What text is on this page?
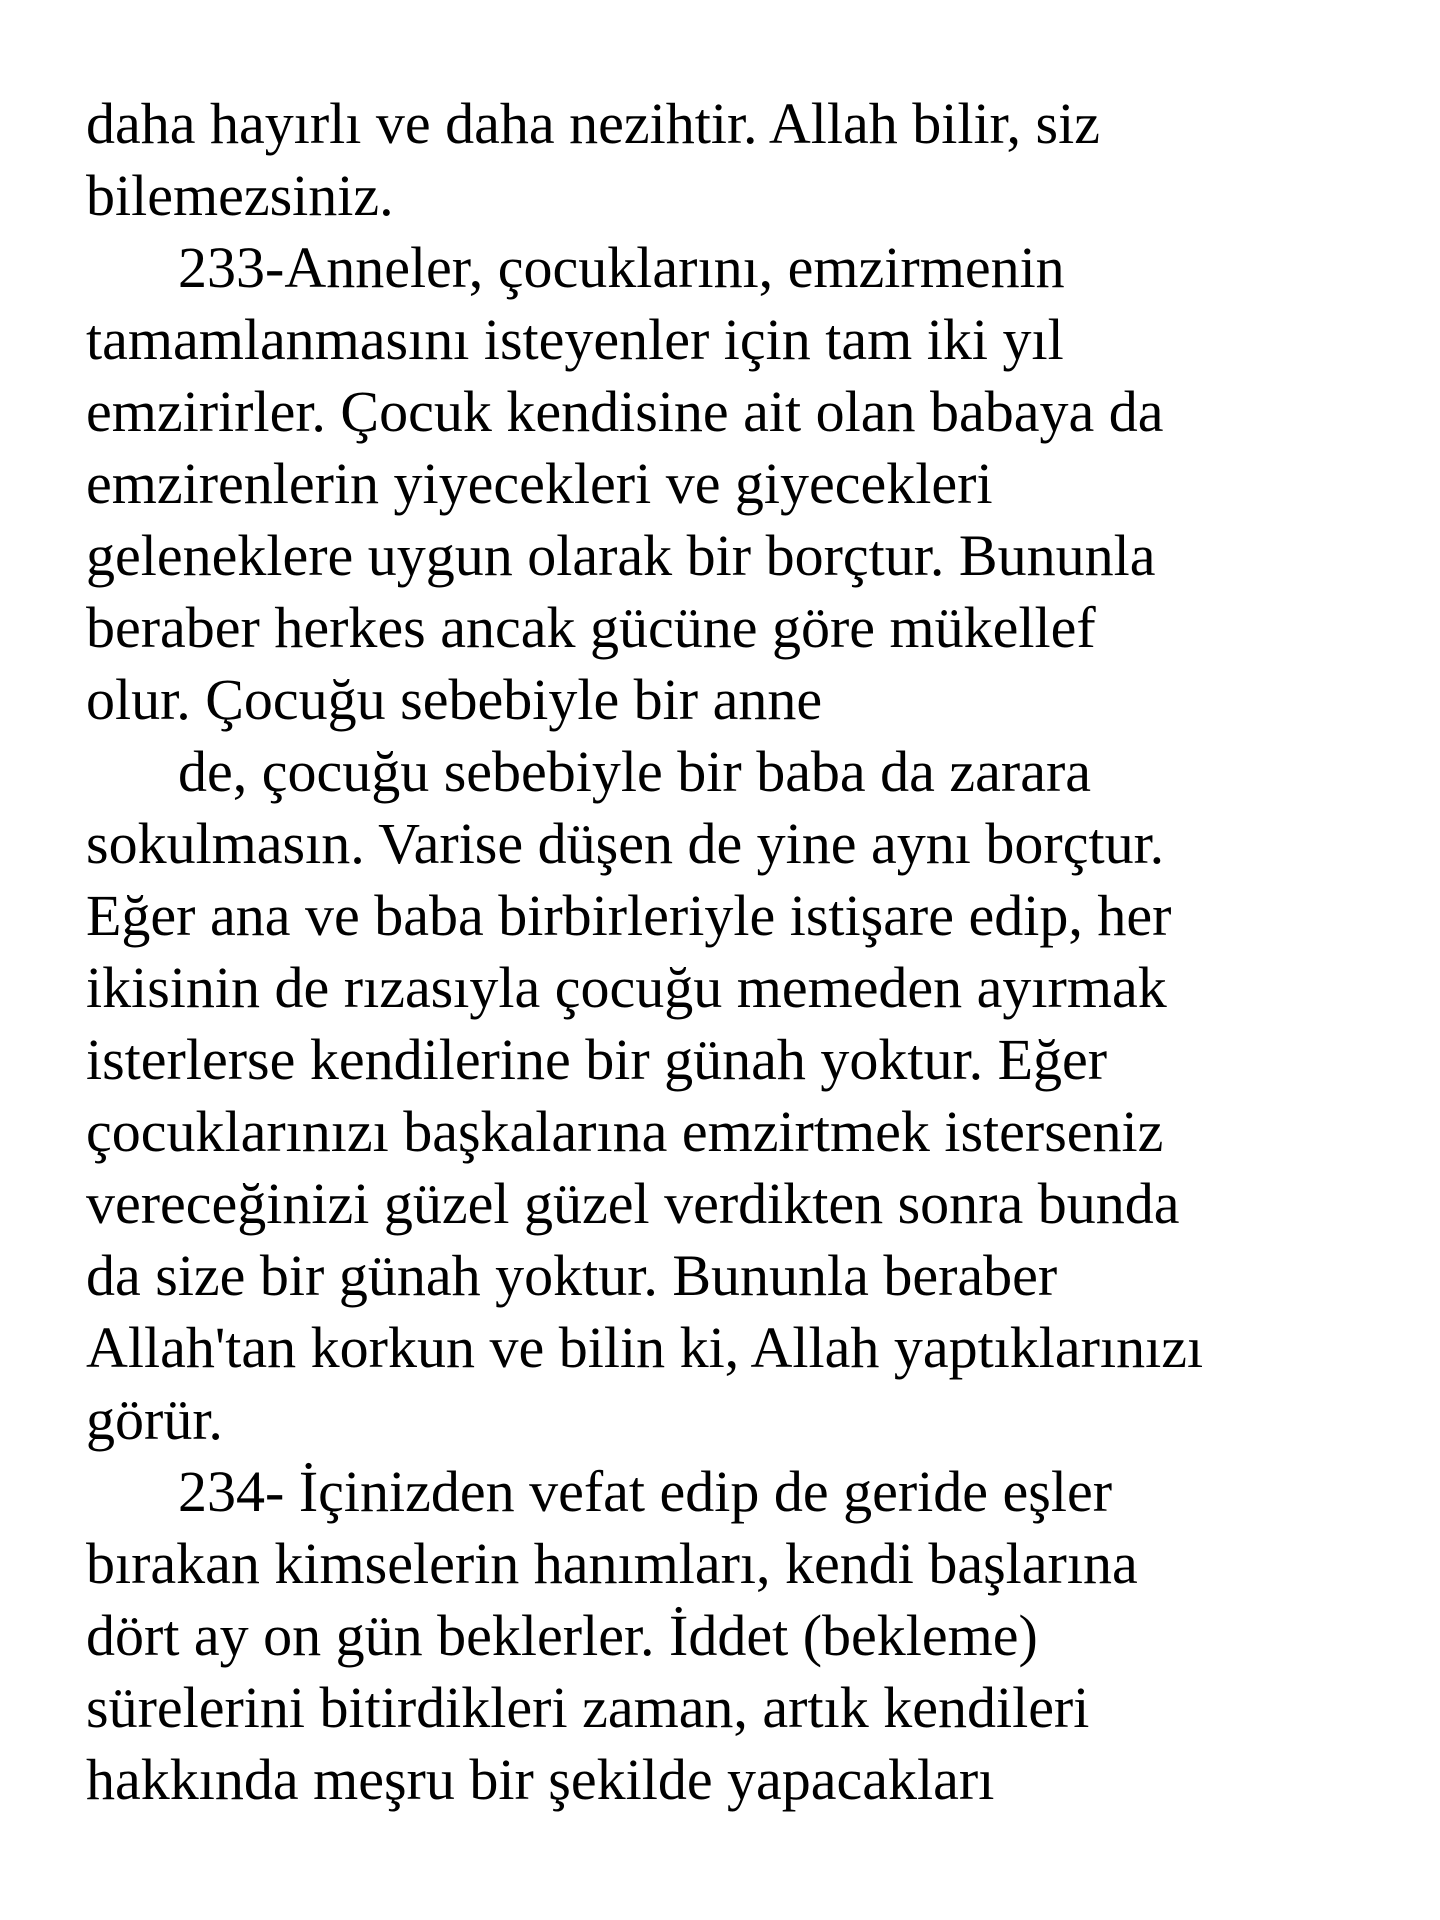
daha hayırlı ve daha nezihtir. Allah bilir, siz
bilemezsiniz.
233-Anneler, çocuklarını, emzirmenin
tamamlanmasını isteyenler için tam iki yıl
emzirirler. Çocuk kendisine ait olan babaya da
emzirenlerin yiyecekleri ve giyecekleri
geleneklere uygun olarak bir borçtur. Bununla
beraber herkes ancak gücüne göre mükellef
olur. Çocuğu sebebiyle bir anne
de, çocuğu sebebiyle bir baba da zarara
sokulmasın. Varise düşen de yine aynı borçtur.
Eğer ana ve baba birbirleriyle istişare edip, her
ikisinin de rızasıyla çocuğu memeden ayırmak
isterlerse kendilerine bir günah yoktur. Eğer
çocuklarınızı başkalarına emzirtmek isterseniz
vereceğinizi güzel güzel verdikten sonra bunda
da size bir günah yoktur. Bununla beraber
Allah'tan korkun ve bilin ki, Allah yaptıklarınızı
görür.
234- İçinizden vefat edip de geride eşler
bırakan kimselerin hanımları, kendi başlarına
dört ay on gün beklerler. İddet (bekleme)
sürelerini bitirdikleri zaman, artık kendileri
hakkında meşru bir şekilde yapacakları
